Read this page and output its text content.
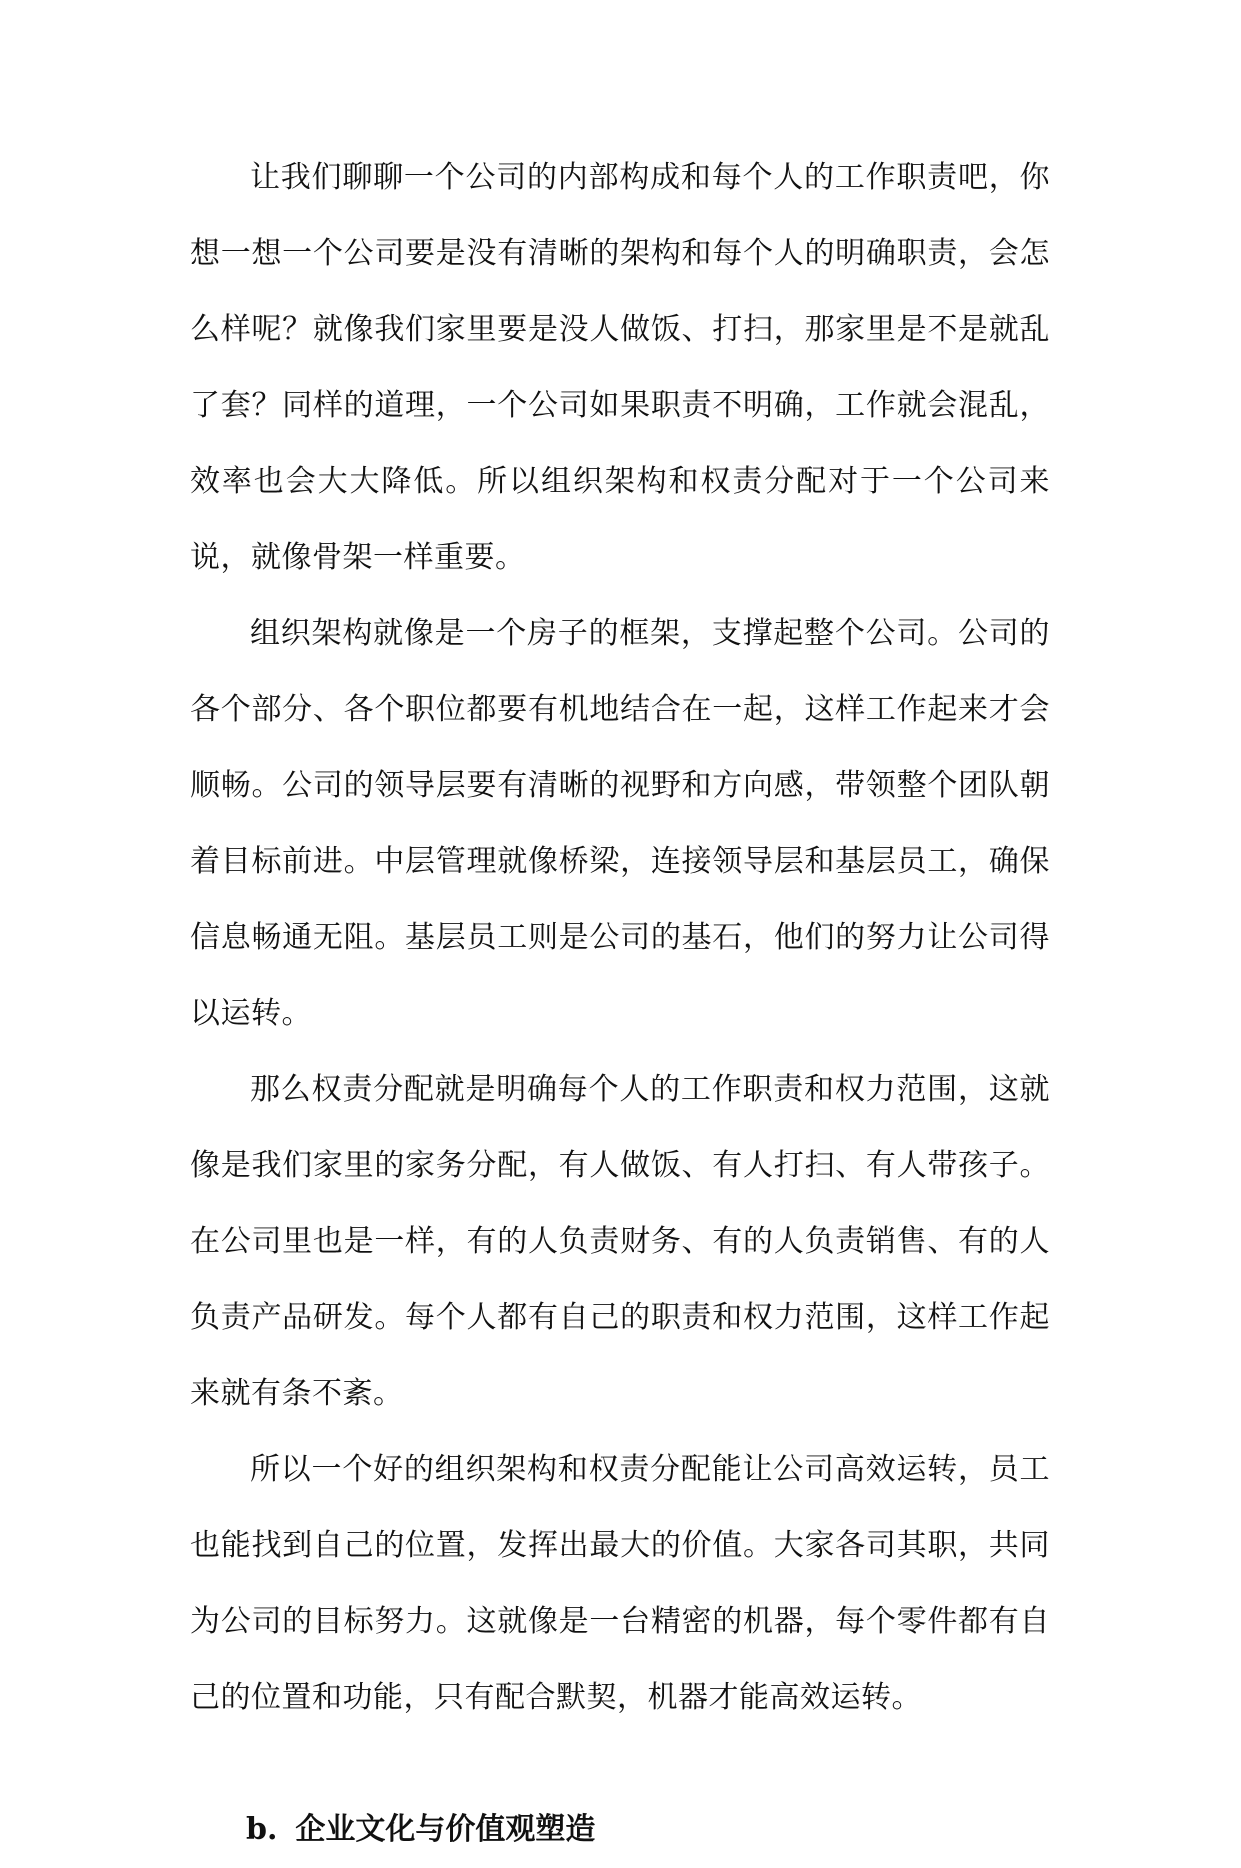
让我们聊聊一个公司的内部构成和每个人的工作职责吧，你想一想一个公司要是没有清晰的架构和每个人的明确职责，会怎么样呢？就像我们家里要是没人做饭、打扫，那家里是不是就乱了套？同样的道理，一个公司如果职责不明确，工作就会混乱，效率也会大大降低。所以组织架构和权责分配对于一个公司来说，就像骨架一样重要。

组织架构就像是一个房子的框架，支撑起整个公司。公司的各个部分、各个职位都要有机地结合在一起，这样工作起来才会顺畅。公司的领导层要有清晰的视野和方向感，带领整个团队朝着目标前进。中层管理就像桥梁，连接领导层和基层员工，确保信息畅通无阻。基层员工则是公司的基石，他们的努力让公司得以运转。

那么权责分配就是明确每个人的工作职责和权力范围，这就像是我们家里的家务分配，有人做饭、有人打扫、有人带孩子。在公司里也是一样，有的人负责财务、有的人负责销售、有的人负责产品研发。每个人都有自己的职责和权力范围，这样工作起来就有条不紊。

所以一个好的组织架构和权责分配能让公司高效运转，员工也能找到自己的位置，发挥出最大的价值。大家各司其职，共同为公司的目标努力。这就像是一台精密的机器，每个零件都有自己的位置和功能，只有配合默契，机器才能高效运转。

b. 企业文化与价值观塑造
